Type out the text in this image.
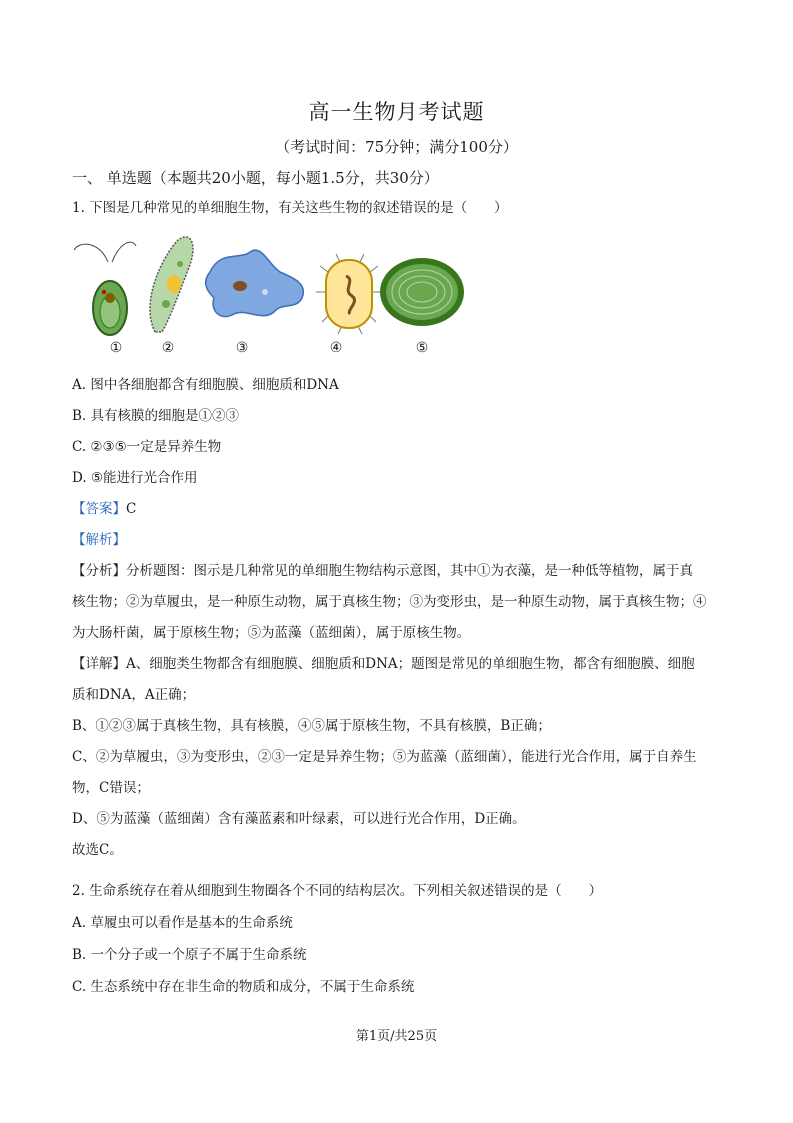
高一生物月考试题
（考试时间：75分钟；满分100分）
一、 单选题（本题共20小题，每小题1.5分，共30分）
1. 下图是几种常见的单细胞生物，有关这些生物的叙述错误的是（　　）
①	②	③	④	⑤
A. 图中各细胞都含有细胞膜、细胞质和DNA
B. 具有核膜的细胞是①②③
C. ②③⑤一定是异养生物
D. ⑤能进行光合作用
【答案】C
【解析】
【分析】分析题图：图示是几种常见的单细胞生物结构示意图，其中①为衣藻，是一种低等植物，属于真
核生物；②为草履虫，是一种原生动物，属于真核生物；③为变形虫，是一种原生动物，属于真核生物；④
为大肠杆菌，属于原核生物；⑤为蓝藻（蓝细菌），属于原核生物。
【详解】A、细胞类生物都含有细胞膜、细胞质和DNA；题图是常见的单细胞生物，都含有细胞膜、细胞
质和DNA，A正确；
B、①②③属于真核生物，具有核膜，④⑤属于原核生物，不具有核膜，B正确；
C、②为草履虫，③为变形虫，②③一定是异养生物；⑤为蓝藻（蓝细菌），能进行光合作用，属于自养生
物，C错误；
D、⑤为蓝藻（蓝细菌）含有藻蓝素和叶绿素，可以进行光合作用，D正确。
故选C。
2. 生命系统存在着从细胞到生物圈各个不同的结构层次。下列相关叙述错误的是（　　）
A. 草履虫可以看作是基本的生命系统
B. 一个分子或一个原子不属于生命系统
C. 生态系统中存在非生命的物质和成分，不属于生命系统
第1页/共25页
